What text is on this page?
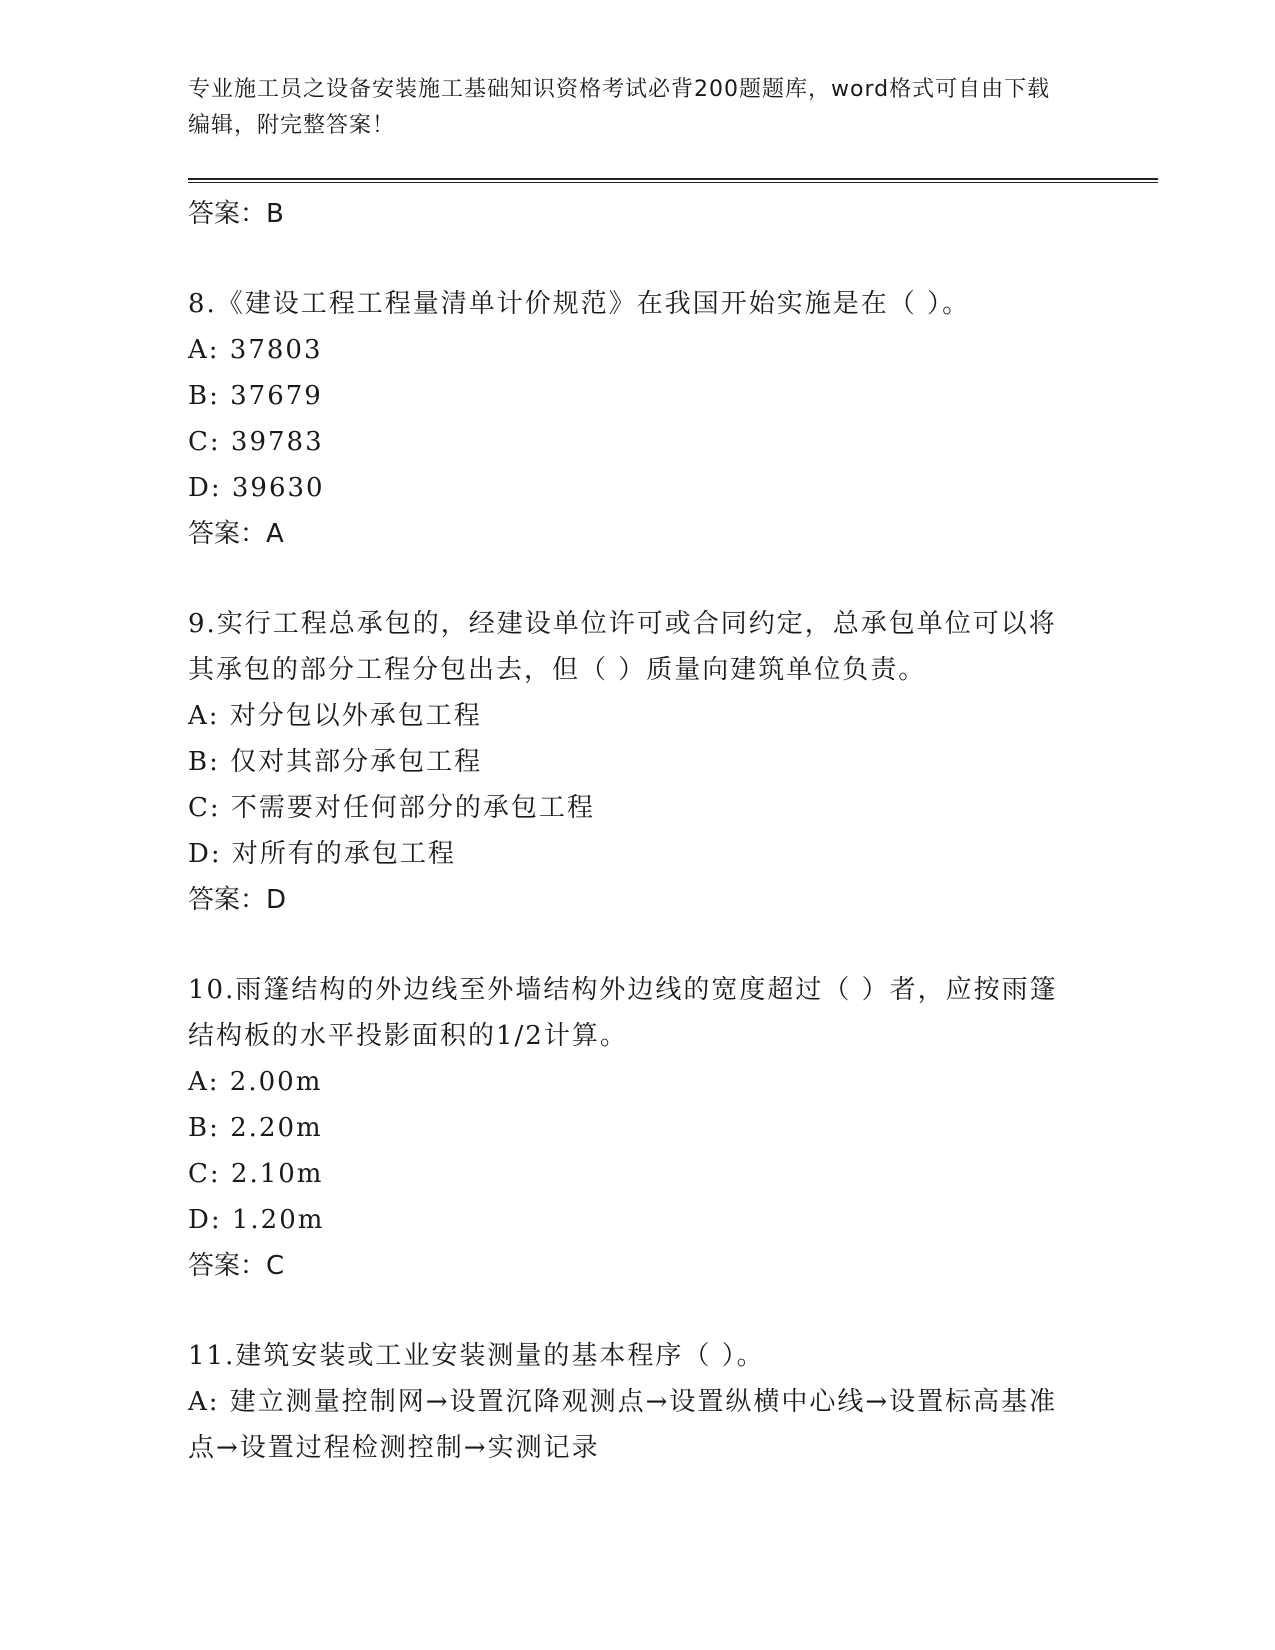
专业施工员之设备安装施工基础知识资格考试必背200题题库，word格式可自由下载编辑，附完整答案！

答案：B

8.《建设工程工程量清单计价规范》在我国开始实施是在（ ）。

A: 37803

B: 37679

C: 39783

D: 39630

答案：A

9.实行工程总承包的，经建设单位许可或合同约定，总承包单位可以将其承包的部分工程分包出去，但（ ）质量向建筑单位负责。

A: 对分包以外承包工程

B: 仅对其部分承包工程

C: 不需要对任何部分的承包工程

D: 对所有的承包工程

答案：D

10.雨篷结构的外边线至外墙结构外边线的宽度超过（ ）者，应按雨篷结构板的水平投影面积的1/2计算。

A: 2.00m

B: 2.20m

C: 2.10m

D: 1.20m

答案：C

11.建筑安装或工业安装测量的基本程序（ ）。

A: 建立测量控制网→设置沉降观测点→设置纵横中心线→设置标高基准点→设置过程检测控制→实测记录
